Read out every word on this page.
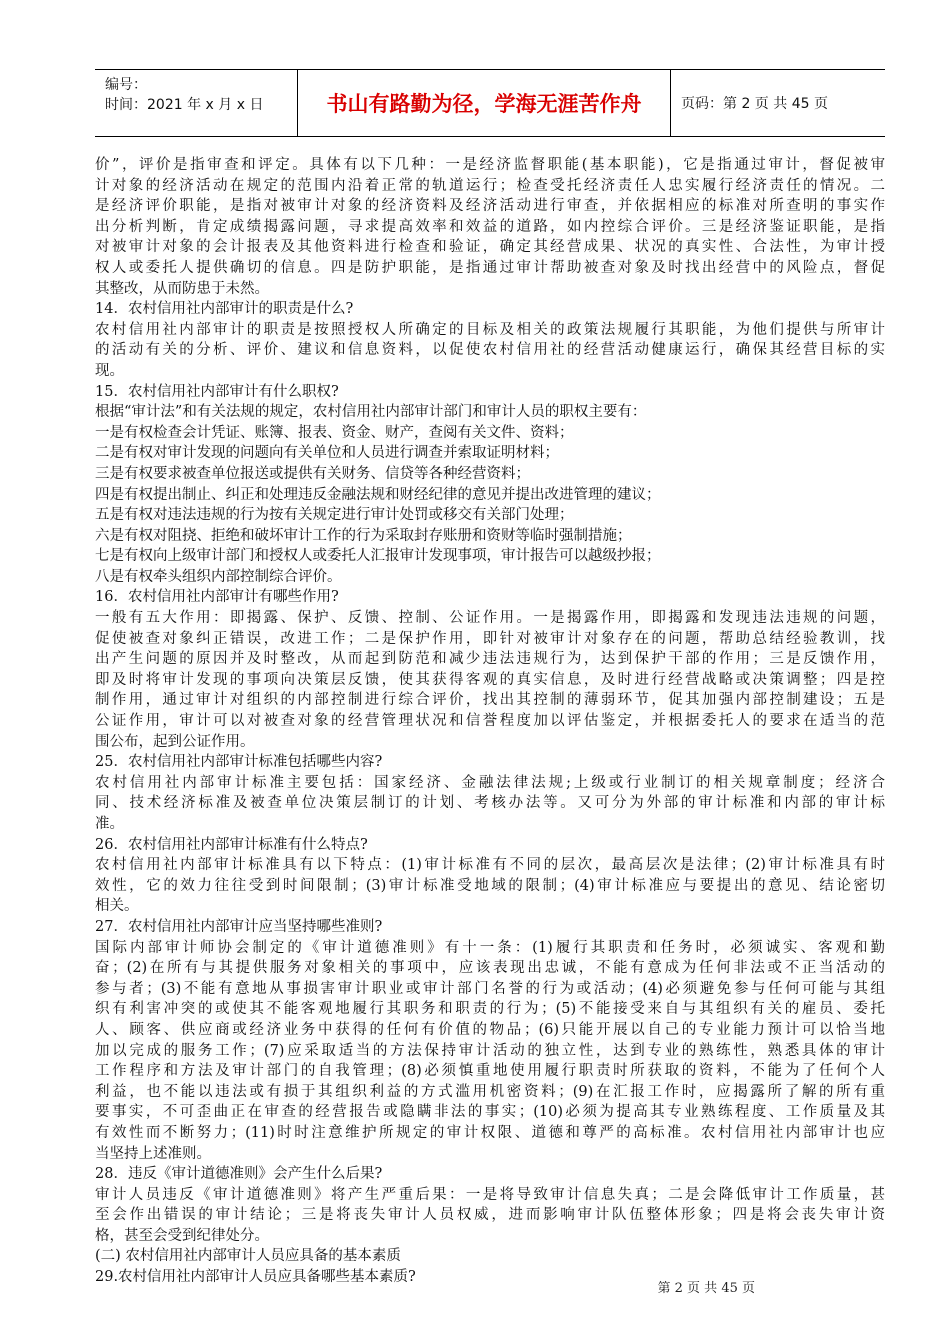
编号：
时间：2021 年 x 月 x 日	书山有路勤为径，学海无涯苦作舟	页码：第 2 页 共 45 页
价”，评价是指审查和评定。具体有以下几种：一是经济监督职能(基本职能)，它是指通过审计，督促被审
计对象的经济活动在规定的范围内沿着正常的轨道运行；检查受托经济责任人忠实履行经济责任的情况。二
是经济评价职能，是指对被审计对象的经济资料及经济活动进行审查，并依据相应的标准对所查明的事实作
出分析判断，肯定成绩揭露问题，寻求提高效率和效益的道路，如内控综合评价。三是经济鉴证职能，是指
对被审计对象的会计报表及其他资料进行检查和验证，确定其经营成果、状况的真实性、合法性，为审计授
权人或委托人提供确切的信息。四是防护职能，是指通过审计帮助被查对象及时找出经营中的风险点，督促
其整改，从而防患于未然。
14．农村信用社内部审计的职责是什么?
农村信用社内部审计的职责是按照授权人所确定的目标及相关的政策法规履行其职能，为他们提供与所审计
的活动有关的分析、评价、建议和信息资料，以促使农村信用社的经营活动健康运行，确保其经营目标的实
现。
15．农村信用社内部审计有什么职权?
根据“审计法”和有关法规的规定，农村信用社内部审计部门和审计人员的职权主要有：
一是有权检查会计凭证、账簿、报表、资金、财产，查阅有关文件、资料；
二是有权对审计发现的问题向有关单位和人员进行调查并索取证明材料；
三是有权要求被查单位报送或提供有关财务、信贷等各种经营资料；
四是有权提出制止、纠正和处理违反金融法规和财经纪律的意见并提出改进管理的建议；
五是有权对违法违规的行为按有关规定进行审计处罚或移交有关部门处理；
六是有权对阻挠、拒绝和破坏审计工作的行为采取封存账册和资财等临时强制措施；
七是有权向上级审计部门和授权人或委托人汇报审计发现事项，审计报告可以越级抄报；
八是有权牵头组织内部控制综合评价。
16．农村信用社内部审计有哪些作用?
一般有五大作用：即揭露、保护、反馈、控制、公证作用。一是揭露作用，即揭露和发现违法违规的问题，
促使被查对象纠正错误，改进工作；二是保护作用，即针对被审计对象存在的问题，帮助总结经验教训，找
出产生问题的原因并及时整改，从而起到防范和减少违法违规行为，达到保护干部的作用；三是反馈作用，
即及时将审计发现的事项向决策层反馈，使其获得客观的真实信息，及时进行经营战略或决策调整；四是控
制作用，通过审计对组织的内部控制进行综合评价，找出其控制的薄弱环节，促其加强内部控制建设；五是
公证作用，审计可以对被查对象的经营管理状况和信誉程度加以评估鉴定，并根据委托人的要求在适当的范
围公布，起到公证作用。
25．农村信用社内部审计标准包括哪些内容?
农村信用社内部审计标准主要包括：国家经济、金融法律法规;上级或行业制订的相关规章制度；经济合
同、技术经济标准及被查单位决策层制订的计划、考核办法等。又可分为外部的审计标准和内部的审计标
准。
26．农村信用社内部审计标准有什么特点?
农村信用社内部审计标准具有以下特点：(1)审计标准有不同的层次，最高层次是法律；(2)审计标准具有时
效性，它的效力往往受到时间限制；(3)审计标准受地域的限制；(4)审计标准应与要提出的意见、结论密切
相关。
27．农村信用社内部审计应当坚持哪些准则?
国际内部审计师协会制定的《审计道德准则》有十一条：(1)履行其职责和任务时，必须诚实、客观和勤
奋；(2)在所有与其提供服务对象相关的事项中，应该表现出忠诚，不能有意成为任何非法或不正当活动的
参与者；(3)不能有意地从事损害审计职业或审计部门名誉的行为或活动；(4)必须避免参与任何可能与其组
织有利害冲突的或使其不能客观地履行其职务和职责的行为；(5)不能接受来自与其组织有关的雇员、委托
人、顾客、供应商或经济业务中获得的任何有价值的物品；(6)只能开展以自己的专业能力预计可以恰当地
加以完成的服务工作；(7)应采取适当的方法保持审计活动的独立性，达到专业的熟练性，熟悉具体的审计
工作程序和方法及审计部门的自我管理；(8)必须慎重地使用履行职责时所获取的资料，不能为了任何个人
利益，也不能以违法或有损于其组织利益的方式滥用机密资料；(9)在汇报工作时，应揭露所了解的所有重
要事实，不可歪曲正在审查的经营报告或隐瞒非法的事实；(10)必须为提高其专业熟练程度、工作质量及其
有效性而不断努力；(11)时时注意维护所规定的审计权限、道德和尊严的高标准。农村信用社内部审计也应
当坚持上述准则。
28．违反《审计道德准则》会产生什么后果?
审计人员违反《审计道德准则》将产生严重后果：一是将导致审计信息失真；二是会降低审计工作质量，甚
至会作出错误的审计结论；三是将丧失审计人员权威，进而影响审计队伍整体形象；四是将会丧失审计资
格，甚至会受到纪律处分。
(二) 农村信用社内部审计人员应具备的基本素质
29.农村信用社内部审计人员应具备哪些基本素质?
第 2 页 共 45 页
